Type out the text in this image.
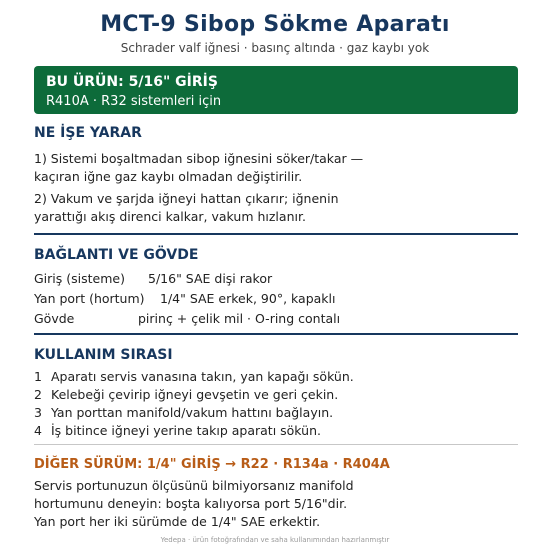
MCT-9 Sibop Sökme Aparatı
Schrader valf iğnesi · basınç altında · gaz kaybı yok
BU ÜRÜN: 5/16" GİRİŞ
R410A · R32 sistemleri için
NE İŞE YARAR
1) Sistemi boşaltmadan sibop iğnesini söker/takar —
kaçıran iğne gaz kaybı olmadan değiştirilir.
2) Vakum ve şarjda iğneyi hattan çıkarır; iğnenin
yarattığı akış direnci kalkar, vakum hızlanır.
BAĞLANTI VE GÖVDE
Giriş (sisteme) 5/16" SAE dişi rakor
Yan port (hortum) 1/4" SAE erkek, 90°, kapaklı
Gövde	pirinç + çelik mil · O-ring contalı
KULLANIM SIRASI
1 Aparatı servis vanasına takın, yan kapağı sökün.
2 Kelebeği çevirip iğneyi gevşetin ve geri çekin.
3 Yan porttan manifold/vakum hattını bağlayın.
4 İş bitince iğneyi yerine takıp aparatı sökün.
DİĞER SÜRÜM: 1/4" GİRİŞ → R22 · R134a · R404A
Servis portunuzun ölçüsünü bilmiyorsanız manifold
hortumunu deneyin: boşta kalıyorsa port 5/16"dir.
Yan port her iki sürümde de 1/4" SAE erkektir.
Yedepa · ürün fotoğrafından ve saha kullanımından hazırlanmıştır
